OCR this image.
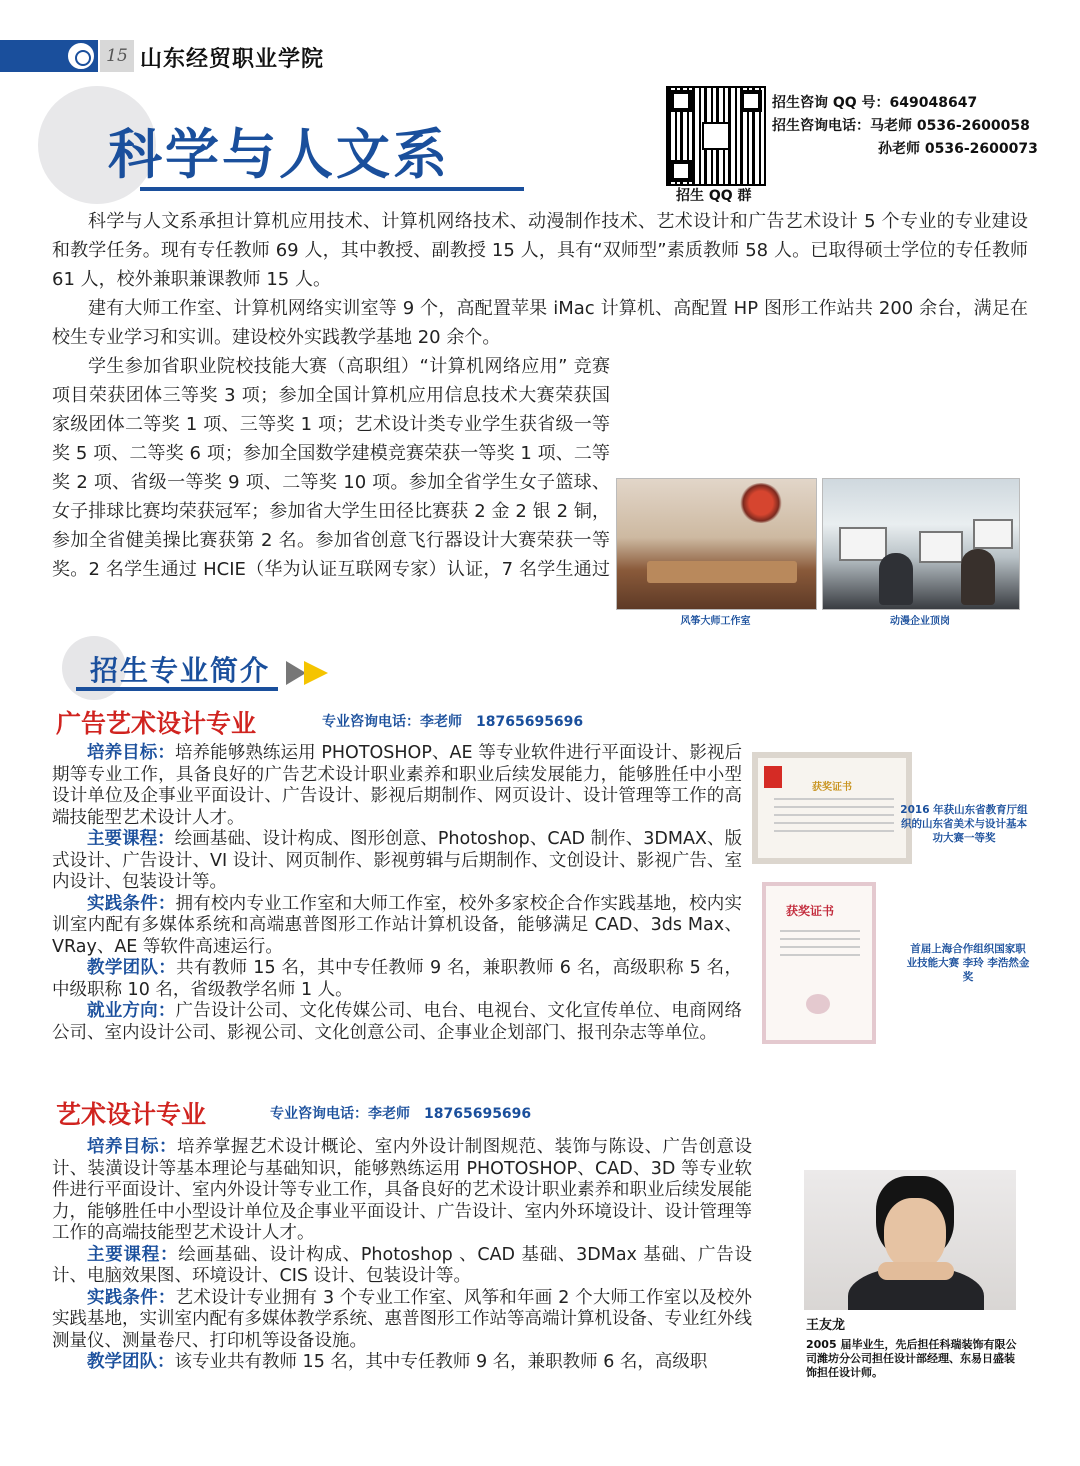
15 山东经贸职业学院
科学与人文系
招生 QQ 群
招生咨询 QQ 号：649048647
招生咨询电话：马老师 0536-2600058
孙老师 0536-2600073

科学与人文系承担计算机应用技术、计算机网络技术、动漫制作技术、艺术设计和广告艺术设计 5 个专业的专业建设和教学任务。现有专任教师 69 人，其中教授、副教授 15 人，具有“双师型”素质教师 58 人。已取得硕士学位的专任教师 61 人，校外兼职兼课教师 15 人。

建有大师工作室、计算机网络实训室等 9 个，高配置苹果 iMac 计算机、高配置 HP 图形工作站共 200 余台，满足在校生专业学习和实训。建设校外实践教学基地 20 余个。

学生参加省职业院校技能大赛（高职组）“计算机网络应用” 竞赛项目荣获团体三等奖 3 项；参加全国计算机应用信息技术大赛荣获国家级团体二等奖 1 项、三等奖 1 项；艺术设计类专业学生获省级一等奖 5 项、二等奖 6 项；参加全国数学建模竞赛荣获一等奖 1 项、二等奖 2 项、省级一等奖 9 项、二等奖 10 项。参加全省学生女子篮球、女子排球比赛均荣获冠军；参加省大学生田径比赛获 2 金 2 银 2 铜，参加全省健美操比赛获第 2 名。参加省创意飞行器设计大赛荣获一等奖。2 名学生通过 HCIE（华为认证互联网专家）认证，7 名学生通过

风筝大师工作室	动漫企业顶岗
招生专业简介
广告艺术设计专业	专业咨询电话：李老师　18765695696

培养目标：培养能够熟练运用 PHOTOSHOP、AE 等专业软件进行平面设计、影视后期等专业工作，具备良好的广告艺术设计职业素养和职业后续发展能力，能够胜任中小型设计单位及企事业平面设计、广告设计、影视后期制作、网页设计、设计管理等工作的高端技能型艺术设计人才。

主要课程：绘画基础、设计构成、图形创意、Photoshop、CAD 制作、3DMAX、版式设计、广告设计、VI 设计、网页制作、影视剪辑与后期制作、文创设计、影视广告、室内设计、包装设计等。

实践条件：拥有校内专业工作室和大师工作室，校外多家校企合作实践基地，校内实训室内配有多媒体系统和高端惠普图形工作站计算机设备，能够满足 CAD、3ds Max、VRay、AE 等软件高速运行。

教学团队：共有教师 15 名，其中专任教师 9 名，兼职教师 6 名，高级职称 5 名，中级职称 10 名，省级教学名师 1 人。

就业方向：广告设计公司、文化传媒公司、电台、电视台、文化宣传单位、电商网络公司、室内设计公司、影视公司、文化创意公司、企事业企划部门、报刊杂志等单位。

获奖证书
2016 年获山东省教育厅组织的山东省美术与设计基本功大赛一等奖
获奖证书
首届上海合作组织国家职业技能大赛 李玲 李浩然金奖
艺术设计专业	专业咨询电话：李老师　18765695696

培养目标：培养掌握艺术设计概论、室内外设计制图规范、装饰与陈设、广告创意设计、装潢设计等基本理论与基础知识，能够熟练运用 PHOTOSHOP、CAD、3D 等专业软件进行平面设计、室内外设计等专业工作，具备良好的艺术设计职业素养和职业后续发展能力，能够胜任中小型设计单位及企事业平面设计、广告设计、室内外环境设计、设计管理等工作的高端技能型艺术设计人才。

主要课程：绘画基础、设计构成、Photoshop 、CAD 基础、3DMax 基础、广告设计、电脑效果图、环境设计、CIS 设计、包装设计等。

实践条件：艺术设计专业拥有 3 个专业工作室、风筝和年画 2 个大师工作室以及校外实践基地，实训室内配有多媒体教学系统、惠普图形工作站等高端计算机设备、专业红外线测量仪、测量卷尺、打印机等设备设施。

教学团队：该专业共有教师 15 名，其中专任教师 9 名，兼职教师 6 名，高级职

王友龙
2005 届毕业生，先后担任科瑞装饰有限公司潍坊分公司担任设计部经理、东易日盛装饰担任设计师。
